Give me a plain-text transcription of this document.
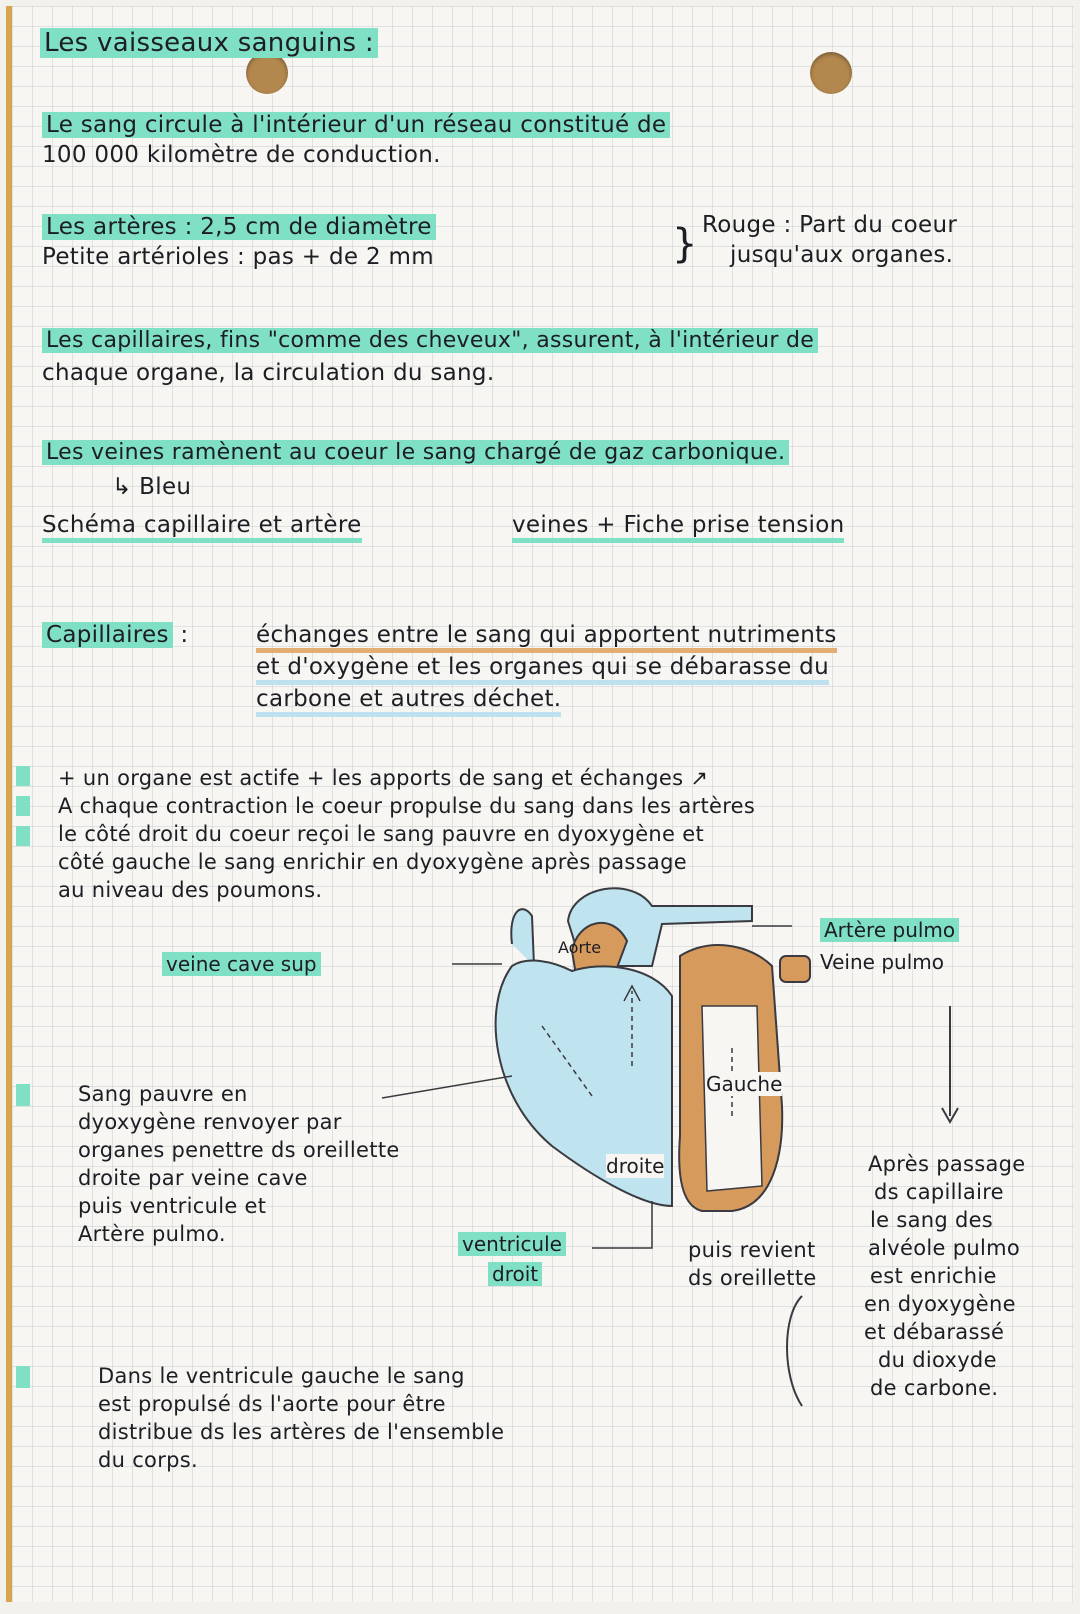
Les vaisseaux sanguins :
Le sang circule à l'intérieur d'un réseau constitué de
100 000 kilomètre de conduction.
Les artères : 2,5 cm de diamètre
Petite artérioles : pas + de 2 mm	} Rouge : Part du coeur
jusqu'aux organes.
Les capillaires, fins "comme des cheveux", assurent, à l'intérieur de
chaque organe, la circulation du sang.
Les veines ramènent au coeur le sang chargé de gaz carbonique.
↳ Bleu
Schéma capillaire et artère	veines + Fiche prise tension
Capillaires :	échanges entre le sang qui apportent nutriments
et d'oxygène et les organes qui se débarasse du
carbone et autres déchet.
+ un organe est actife + les apports de sang et échanges ↗
A chaque contraction le coeur propulse du sang dans les artères
le côté droit du coeur reçoi le sang pauvre en dyoxygène et
côté gauche le sang enrichir en dyoxygène après passage
au niveau des poumons.
Aorte
veine cave sup
Artère pulmo
Veine pulmo
Gauche
droite
ventricule
droit
Sang pauvre en
dyoxygène renvoyer par
organes penettre ds oreillette
droite par veine cave
puis ventricule et
Artère pulmo.
puis revient
ds oreillette
Après passage
ds capillaire
le sang des
alvéole pulmo
est enrichie
en dyoxygène
et débarassé
du dioxyde
de carbone.
Dans le ventricule gauche le sang
est propulsé ds l'aorte pour être
distribue ds les artères de l'ensemble
du corps.
